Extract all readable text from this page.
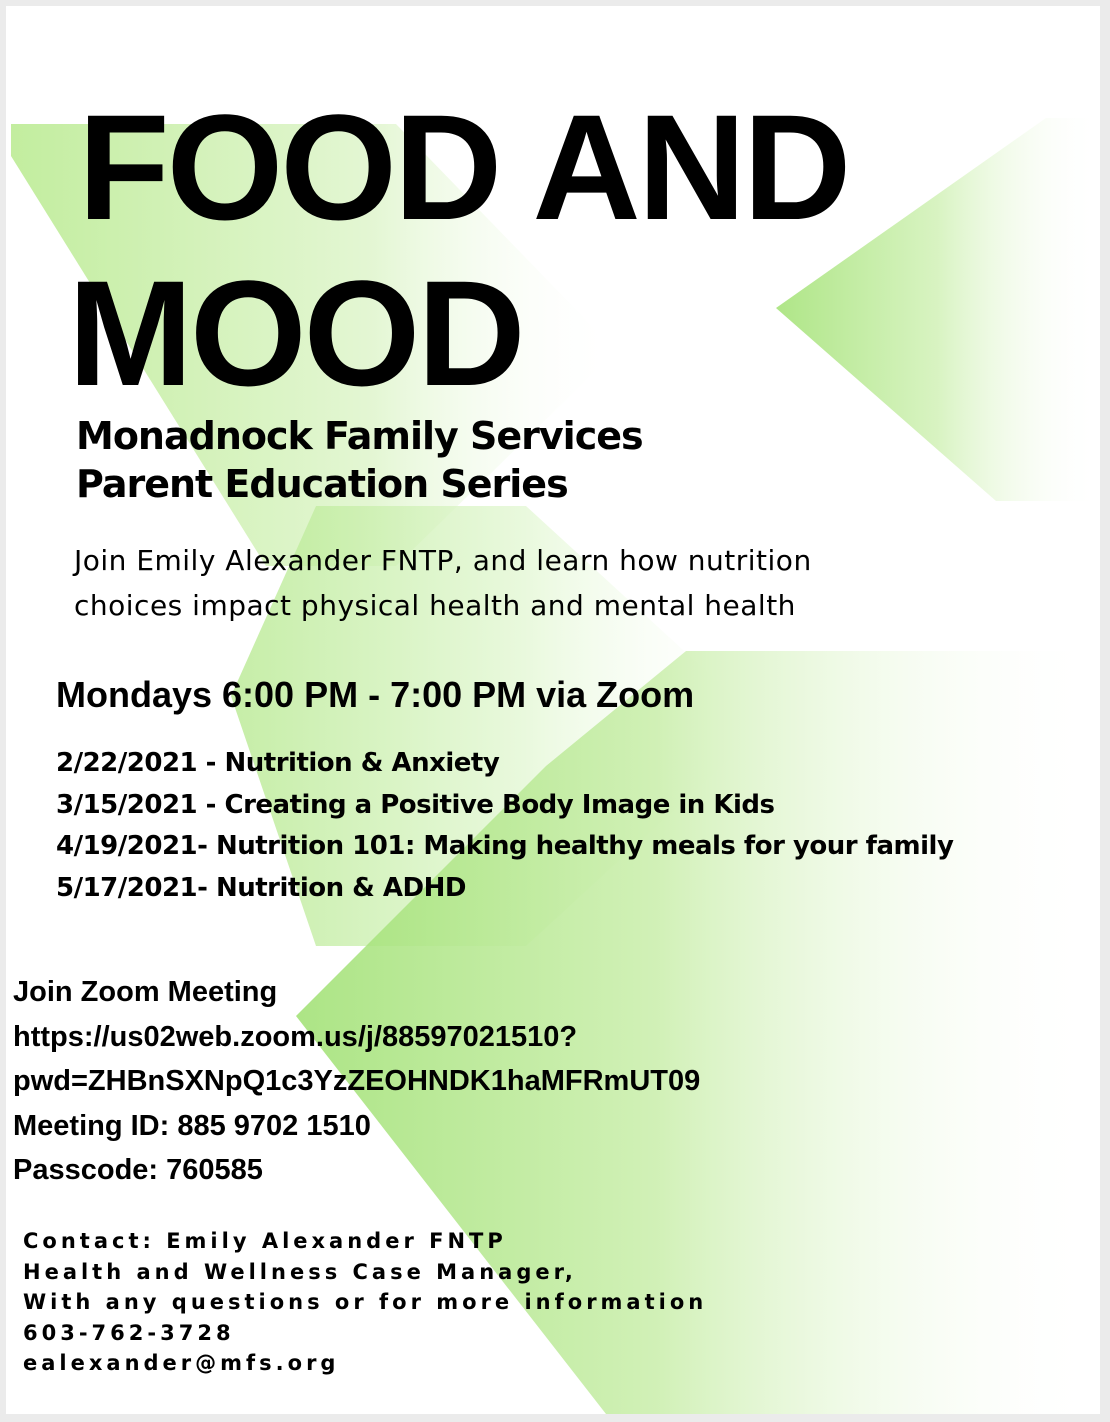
FOOD AND
MOOD
Monadnock Family Services
Parent Education Series
Join Emily Alexander FNTP, and learn how nutrition
choices impact physical health and mental health
Mondays 6:00 PM - 7:00 PM via Zoom
2/22/2021 - Nutrition & Anxiety
3/15/2021 - Creating a Positive Body Image in Kids
4/19/2021- Nutrition 101: Making healthy meals for your family
5/17/2021- Nutrition & ADHD
Join Zoom Meeting
https://us02web.zoom.us/j/88597021510?
pwd=ZHBnSXNpQ1c3YzZEOHNDK1haMFRmUT09
Meeting ID: 885 9702 1510
Passcode: 760585
Contact: Emily Alexander FNTP
Health and Wellness Case Manager,
With any questions or for more information
603-762-3728
ealexander@mfs.org
